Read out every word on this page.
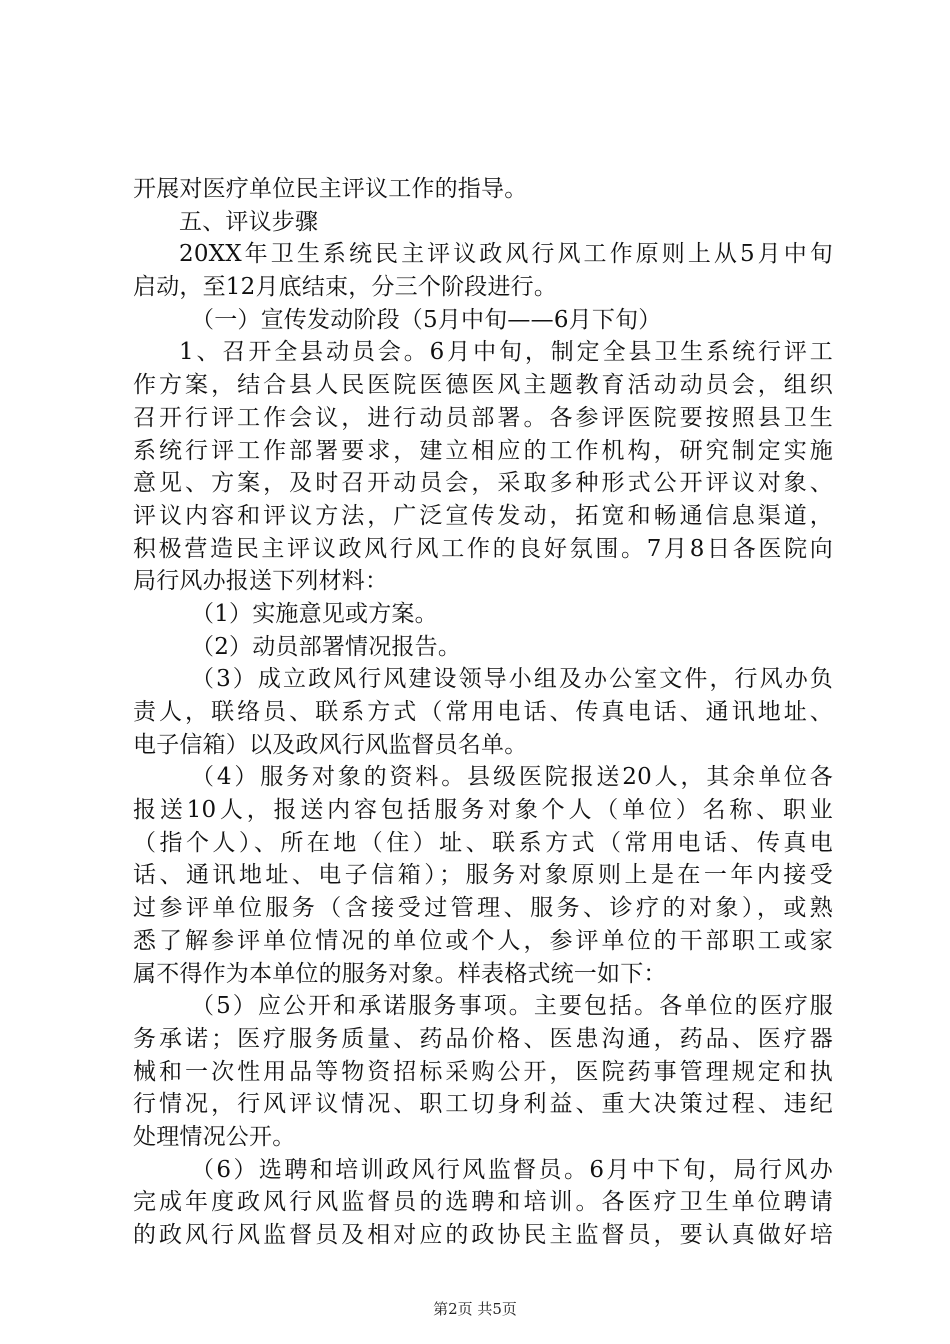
开展对医疗单位民主评议工作的指导。
五、评议步骤
20XX年卫生系统民主评议政风行风工作原则上从5月中旬
启动，至12月底结束，分三个阶段进行。
（一）宣传发动阶段（5月中旬——6月下旬）
1、召开全县动员会。6月中旬，制定全县卫生系统行评工
作方案，结合县人民医院医德医风主题教育活动动员会，组织
召开行评工作会议，进行动员部署。各参评医院要按照县卫生
系统行评工作部署要求，建立相应的工作机构，研究制定实施
意见、方案，及时召开动员会，采取多种形式公开评议对象、
评议内容和评议方法，广泛宣传发动，拓宽和畅通信息渠道，
积极营造民主评议政风行风工作的良好氛围。7月8日各医院向
局行风办报送下列材料：
（1）实施意见或方案。
（2）动员部署情况报告。
（3）成立政风行风建设领导小组及办公室文件，行风办负
责人，联络员、联系方式（常用电话、传真电话、通讯地址、
电子信箱）以及政风行风监督员名单。
（4）服务对象的资料。县级医院报送20人，其余单位各
报送10人，报送内容包括服务对象个人（单位）名称、职业
（指个人）、所在地（住）址、联系方式（常用电话、传真电
话、通讯地址、电子信箱）；服务对象原则上是在一年内接受
过参评单位服务（含接受过管理、服务、诊疗的对象），或熟
悉了解参评单位情况的单位或个人，参评单位的干部职工或家
属不得作为本单位的服务对象。样表格式统一如下：
（5）应公开和承诺服务事项。主要包括。各单位的医疗服
务承诺；医疗服务质量、药品价格、医患沟通，药品、医疗器
械和一次性用品等物资招标采购公开，医院药事管理规定和执
行情况，行风评议情况、职工切身利益、重大决策过程、违纪
处理情况公开。
（6）选聘和培训政风行风监督员。6月中下旬，局行风办
完成年度政风行风监督员的选聘和培训。各医疗卫生单位聘请
的政风行风监督员及相对应的政协民主监督员，要认真做好培
第2页 共5页
